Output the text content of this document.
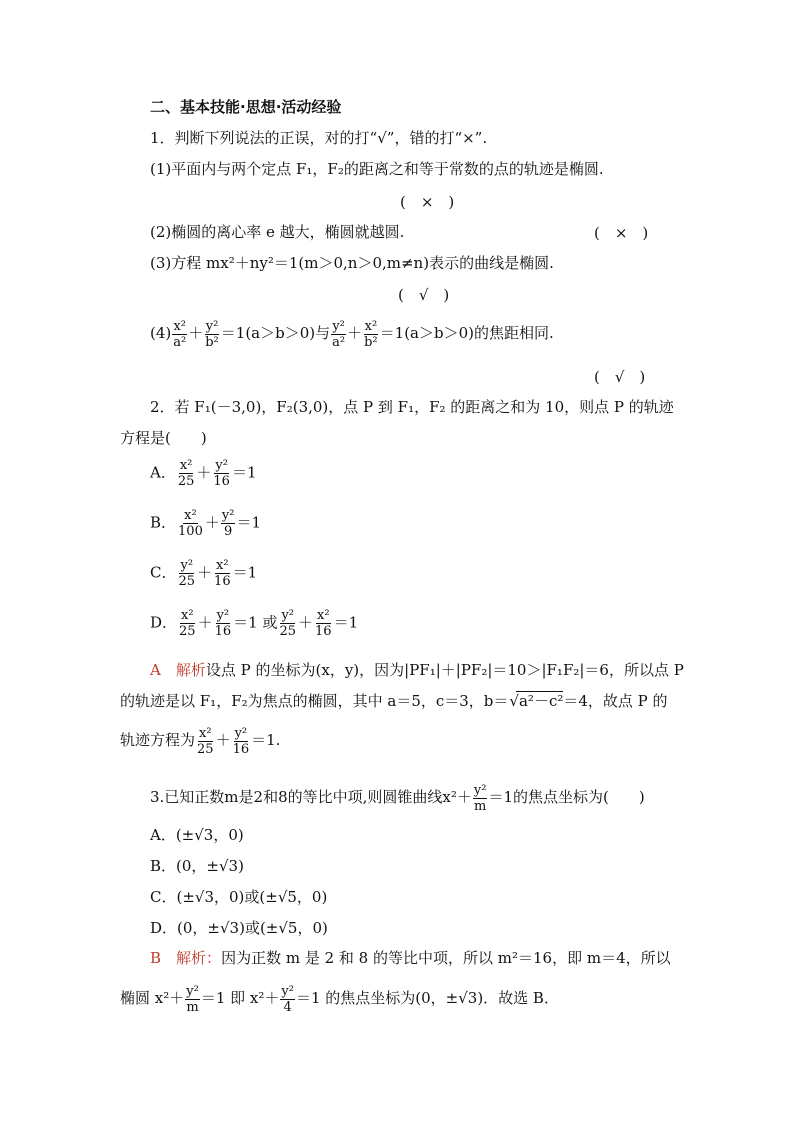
二、基本技能·思想·活动经验
1．判断下列说法的正误，对的打“√”，错的打“×”.
(1)平面内与两个定点 F₁，F₂的距离之和等于常数的点的轨迹是椭圆.
(　×　)
(2)椭圆的离心率 e 越大，椭圆就越圆.	(　×　)
(3)方程 mx²＋ny²＝1(m＞0,n＞0,m≠n)表示的曲线是椭圆.
(　√　)
$(4) \frac{\text{x²}}{\text{a²}} + \frac{\text{y²}}{\text{b²}} =1(a>b>0)$与 $\frac{\text{y²}}{\text{a²}} + \frac{\text{x²}}{\text{b²}} =1(a>b>0)$的焦距相同.
(　√　)
2．若 F₁(－3,0)，F₂(3,0)，点 P 到 F₁，F₂ 的距离之和为 10，则点 P 的轨迹
方程是(　　)
A． $\frac{\text{x²}}{25} + \frac{\text{y²}}{16} =1$
B． $\frac{\text{x²}}{100} + \frac{\text{y²}}{9} =1$
C． $\frac{\text{y²}}{25} + \frac{\text{x²}}{16} =1$
D． $\frac{\text{x²}}{25} + \frac{\text{y²}}{16} =1$ 或 $\frac{\text{y²}}{25} + \frac{\text{x²}}{16} =1$
A　 解析设点 P 的坐标为(x，y)，因为|PF₁|＋|PF₂|＝10＞|F₁F₂|＝6，所以点 P
的轨迹是以 F₁，F₂为焦点的椭圆，其中 a＝5，c＝3，b＝√ a²－c²＝4，故点 P 的
轨迹方程为 $\frac{\text{x²}}{25} + \frac{\text{y²}}{16} =1$.
3.已知正数m是2和8的等比中项,则圆锥曲线$x^2+ \frac{\text{y²}}{m} =1$的焦点坐标为(　　)
A．(±√3，0)
B．(0，±√3)
C．(±√3，0)或(±√5，0)
D．(0，±√3)或(±√5，0)
B　 解析：因为正数 m 是 2 和 8 的等比中项，所以 m²＝16，即 m＝4，所以
椭圆 $x^2+ \frac{\text{y²}}{m} =1$ 即 $x^2+ \frac{\text{y²}}{4} =1$ 的焦点坐标为(0，±√3)．故选 B．
